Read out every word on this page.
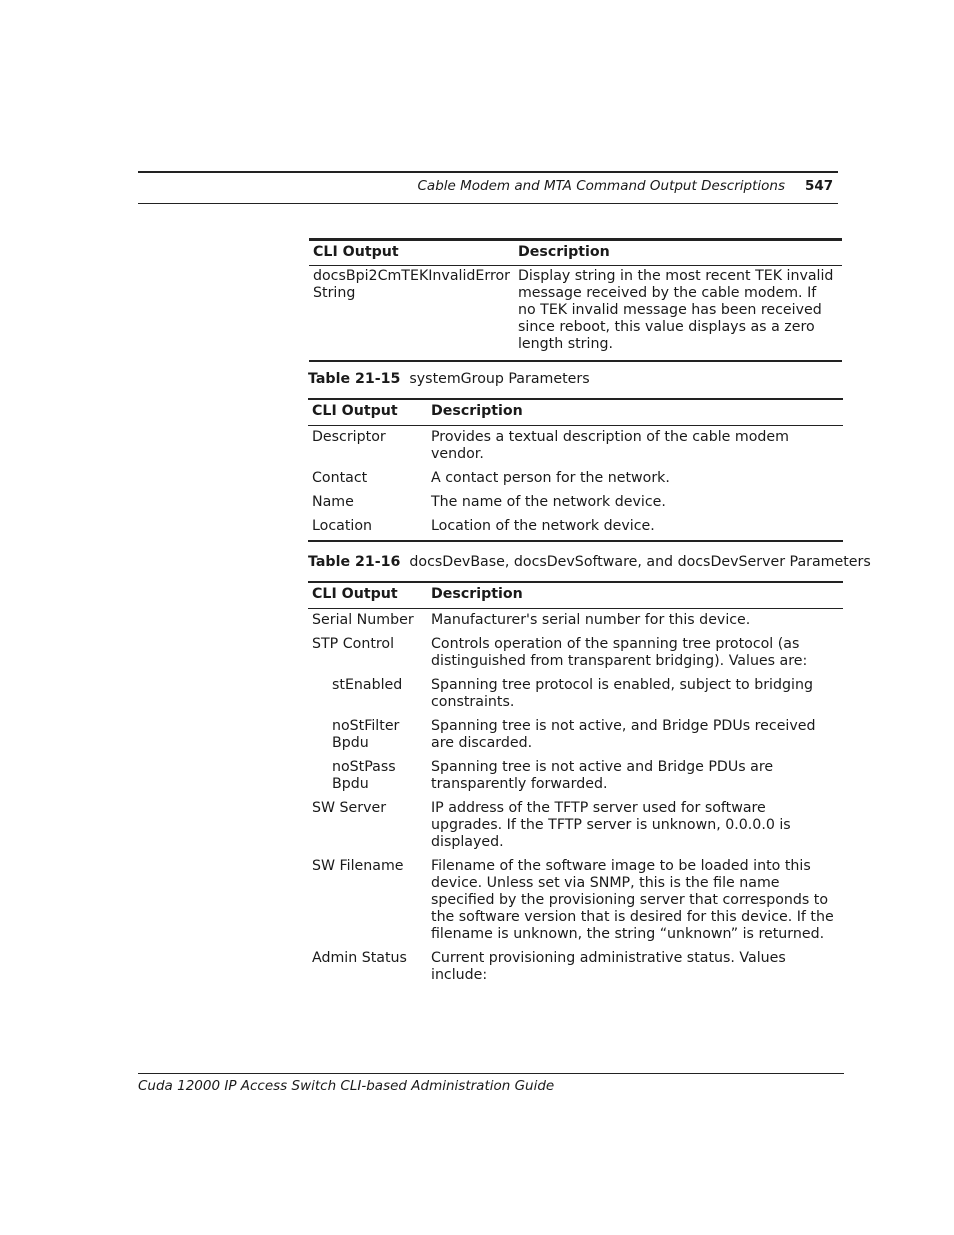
Cable Modem and MTA Command Output Descriptions 547
CLI Output	Description
docsBpi2CmTEKInvalidError String	Display string in the most recent TEK invalid message received by the cable modem. If no TEK invalid message has been received since reboot, this value displays as a zero length string.
Table 21-15 systemGroup Parameters
CLI Output	Description
Descriptor	Provides a textual description of the cable modem vendor.
Contact	A contact person for the network.
Name	The name of the network device.
Location	Location of the network device.
Table 21-16 docsDevBase, docsDevSoftware, and docsDevServer Parameters
CLI Output	Description
Serial Number	Manufacturer's serial number for this device.
STP Control	Controls operation of the spanning tree protocol (as distinguished from transparent bridging). Values are:
stEnabled	Spanning tree protocol is enabled, subject to bridging constraints.
noStFilter Bpdu	Spanning tree is not active, and Bridge PDUs received are discarded.
noStPass Bpdu	Spanning tree is not active and Bridge PDUs are transparently forwarded.
SW Server	IP address of the TFTP server used for software upgrades. If the TFTP server is unknown, 0.0.0.0 is displayed.
SW Filename	Filename of the software image to be loaded into this device. Unless set via SNMP, this is the file name specified by the provisioning server that corresponds to the software version that is desired for this device. If the filename is unknown, the string “unknown” is returned.
Admin Status	Current provisioning administrative status. Values include:
Cuda 12000 IP Access Switch CLI-based Administration Guide
